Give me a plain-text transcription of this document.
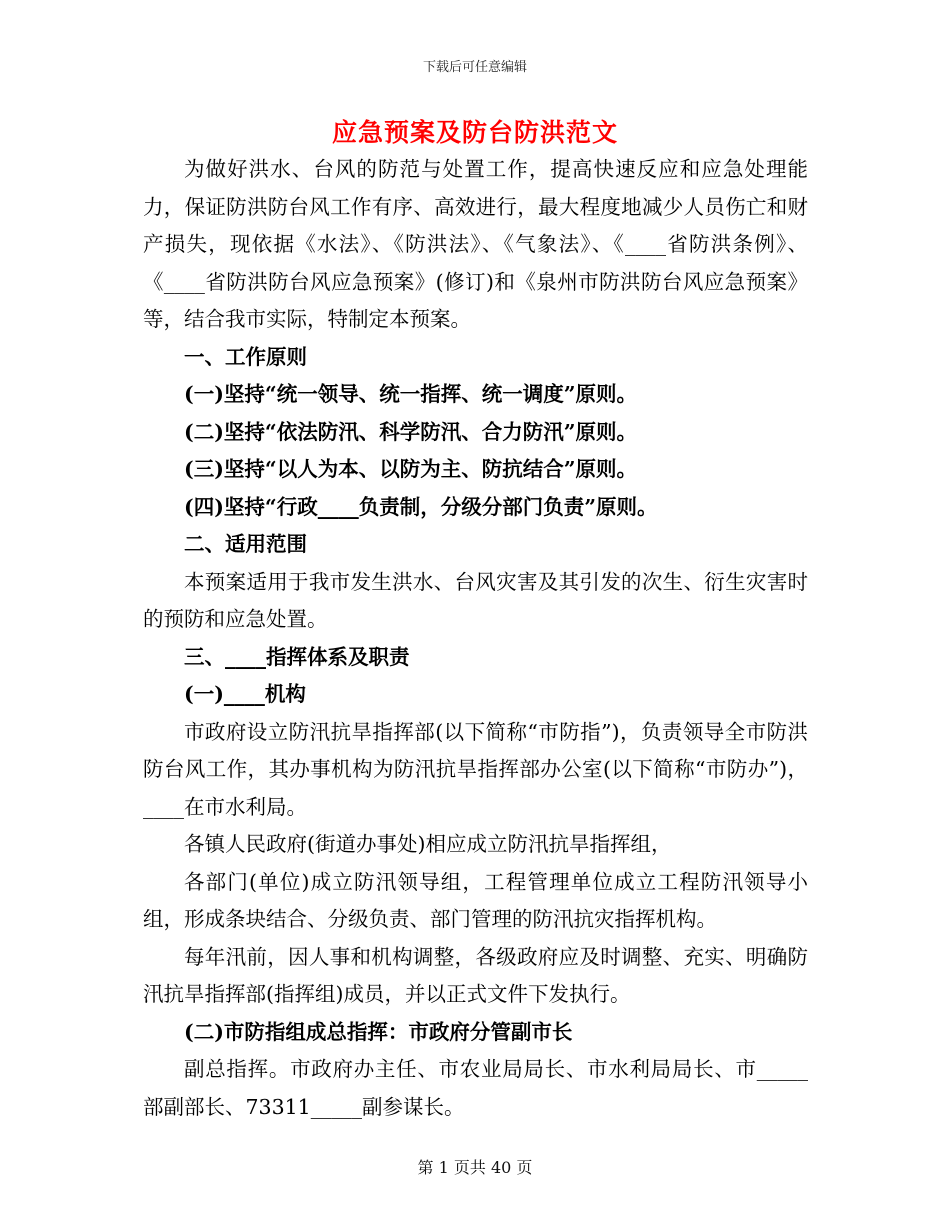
下载后可任意编辑
应急预案及防台防洪范文

为做好洪水、台风的防范与处置工作，提高快速反应和应急处理能力，保证防洪防台风工作有序、高效进行，最大程度地减少人员伤亡和财产损失，现依据《水法》、《防洪法》、《气象法》、《____省防洪条例》、《____省防洪防台风应急预案》(修订)和《泉州市防洪防台风应急预案》等，结合我市实际，特制定本预案。

一、工作原则

(一)坚持“统一领导、统一指挥、统一调度”原则。

(二)坚持“依法防汛、科学防汛、合力防汛”原则。

(三)坚持“以人为本、以防为主、防抗结合”原则。

(四)坚持“行政____负责制，分级分部门负责”原则。

二、适用范围

本预案适用于我市发生洪水、台风灾害及其引发的次生、衍生灾害时的预防和应急处置。

三、____指挥体系及职责

(一)____机构

市政府设立防汛抗旱指挥部(以下简称“市防指”)，负责领导全市防洪防台风工作，其办事机构为防汛抗旱指挥部办公室(以下简称“市防办”)，____在市水利局。

各镇人民政府(街道办事处)相应成立防汛抗旱指挥组，

各部门(单位)成立防汛领导组，工程管理单位成立工程防汛领导小组，形成条块结合、分级负责、部门管理的防汛抗灾指挥机构。

每年汛前，因人事和机构调整，各级政府应及时调整、充实、明确防汛抗旱指挥部(指挥组)成员，并以正式文件下发执行。

(二)市防指组成总指挥：市政府分管副市长

副总指挥。市政府办主任、市农业局局长、市水利局局长、市_____部副部长、73311_____副参谋长。

第 1 页共 40 页
